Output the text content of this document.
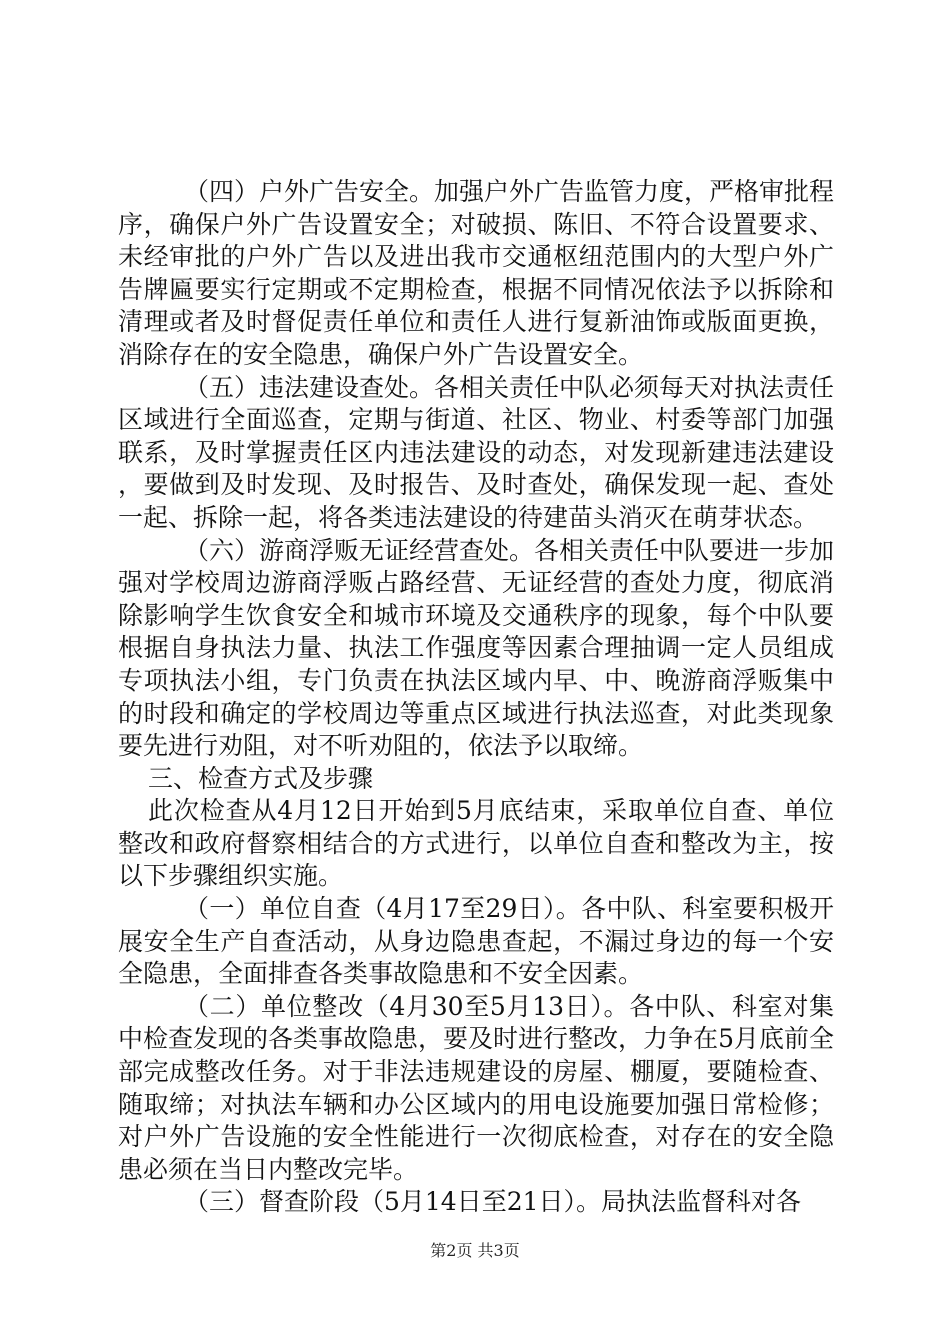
（四）户外广告安全。加强户外广告监管力度，严格审批程序，确保户外广告设置安全；对破损、陈旧、不符合设置要求、未经审批的户外广告以及进出我市交通枢纽范围内的大型户外广告牌匾要实行定期或不定期检查，根据不同情况依法予以拆除和清理或者及时督促责任单位和责任人进行复新油饰或版面更换，消除存在的安全隐患，确保户外广告设置安全。

（五）违法建设查处。各相关责任中队必须每天对执法责任区域进行全面巡查，定期与街道、社区、物业、村委等部门加强联系，及时掌握责任区内违法建设的动态，对发现新建违法建设，要做到及时发现、及时报告、及时查处，确保发现一起、查处一起、拆除一起，将各类违法建设的待建苗头消灭在萌芽状态。

（六）游商浮贩无证经营查处。各相关责任中队要进一步加强对学校周边游商浮贩占路经营、无证经营的查处力度，彻底消除影响学生饮食安全和城市环境及交通秩序的现象，每个中队要根据自身执法力量、执法工作强度等因素合理抽调一定人员组成专项执法小组，专门负责在执法区域内早、中、晚游商浮贩集中的时段和确定的学校周边等重点区域进行执法巡查，对此类现象要先进行劝阻，对不听劝阻的，依法予以取缔。

三、检查方式及步骤

此次检查从4月12日开始到5月底结束，采取单位自查、单位整改和政府督察相结合的方式进行，以单位自查和整改为主，按以下步骤组织实施。

（一）单位自查（4月17至29日）。各中队、科室要积极开展安全生产自查活动，从身边隐患查起，不漏过身边的每一个安全隐患，全面排查各类事故隐患和不安全因素。

（二）单位整改（4月30至5月13日）。各中队、科室对集中检查发现的各类事故隐患，要及时进行整改，力争在5月底前全部完成整改任务。对于非法违规建设的房屋、棚厦，要随检查、随取缔；对执法车辆和办公区域内的用电设施要加强日常检修；对户外广告设施的安全性能进行一次彻底检查，对存在的安全隐患必须在当日内整改完毕。

（三）督查阶段（5月14日至21日）。局执法监督科对各

第2页 共3页
